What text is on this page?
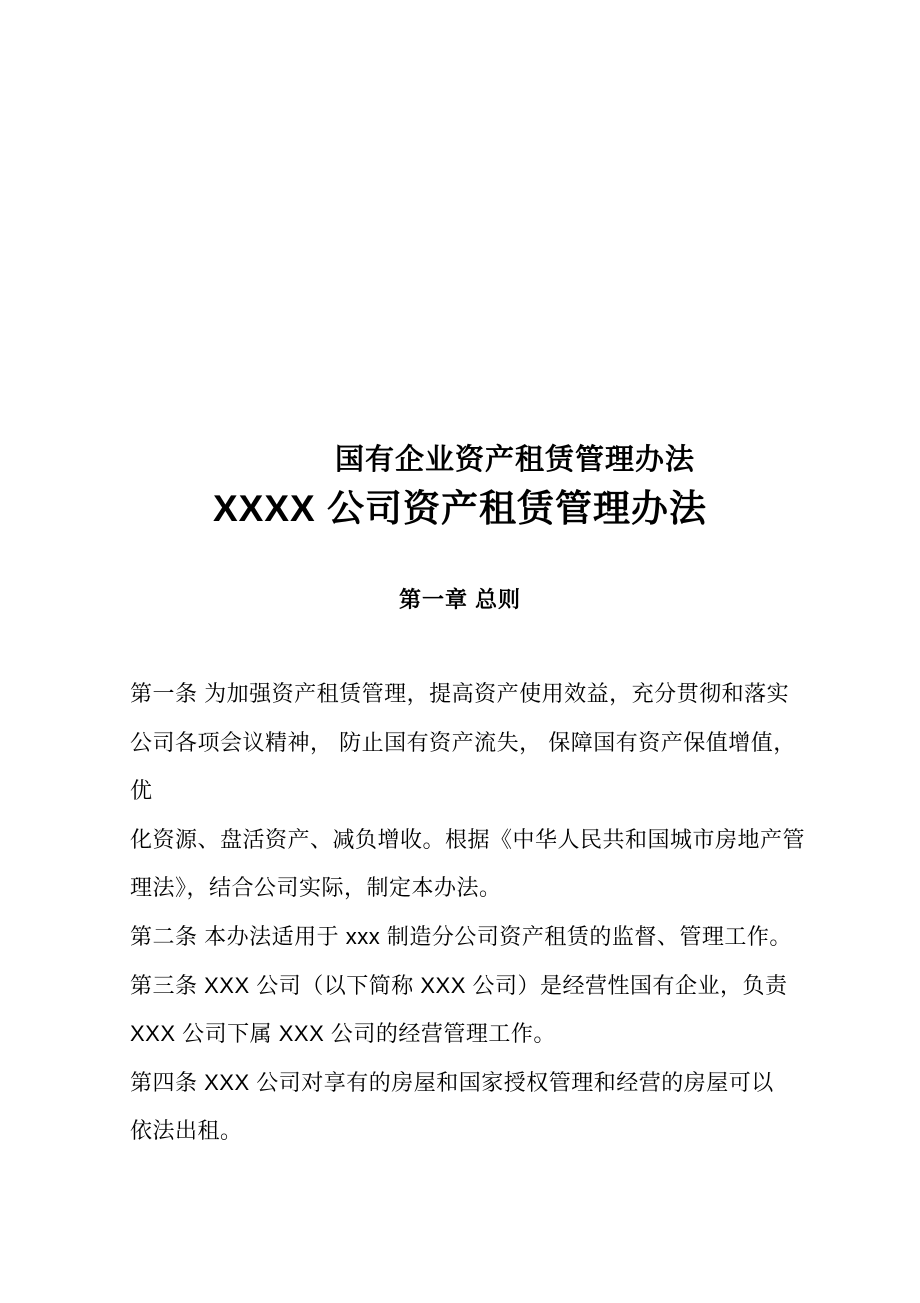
国有企业资产租赁管理办法
XXXX 公司资产租赁管理办法
第一章 总则

第一条 为加强资产租赁管理，提高资产使用效益，充分贯彻和落实

公司各项会议精神， 防止国有资产流失， 保障国有资产保值增值，

优

化资源、盘活资产、减负增收。根据《中华人民共和国城市房地产管

理法》，结合公司实际，制定本办法。

第二条 本办法适用于 xxx 制造分公司资产租赁的监督、管理工作。

第三条 XXX 公司（以下简称 XXX 公司）是经营性国有企业，负责

XXX 公司下属 XXX 公司的经营管理工作。

第四条 XXX 公司对享有的房屋和国家授权管理和经营的房屋可以

依法出租。
